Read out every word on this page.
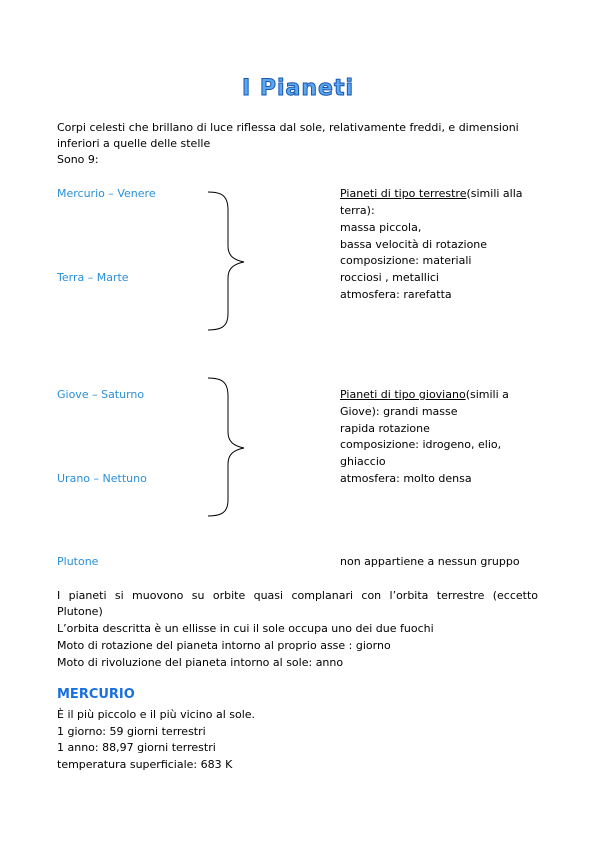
I Pianeti
Corpi celesti che brillano di luce riflessa dal sole, relativamente freddi, e dimensioni
inferiori a quelle delle stelle
Sono 9:
Mercurio – Venere
Terra – Marte
Pianeti di tipo terrestre(simili alla
terra):
massa piccola,
bassa velocità di rotazione
composizione: materiali
rocciosi , metallici
atmosfera: rarefatta
Giove – Saturno
Urano – Nettuno
Pianeti di tipo gioviano(simili a
Giove): grandi masse
rapida rotazione
composizione: idrogeno, elio,
ghiaccio
atmosfera: molto densa
Plutone	non appartiene a nessun gruppo
I pianeti si muovono su orbite quasi complanari con l’orbita terrestre (eccetto
Plutone)
L’orbita descritta è un ellisse in cui il sole occupa uno dei due fuochi
Moto di rotazione del pianeta intorno al proprio asse : giorno
Moto di rivoluzione del pianeta intorno al sole: anno
MERCURIO
È il più piccolo e il più vicino al sole.
1 giorno: 59 giorni terrestri
1 anno: 88,97 giorni terrestri
temperatura superficiale: 683 K
